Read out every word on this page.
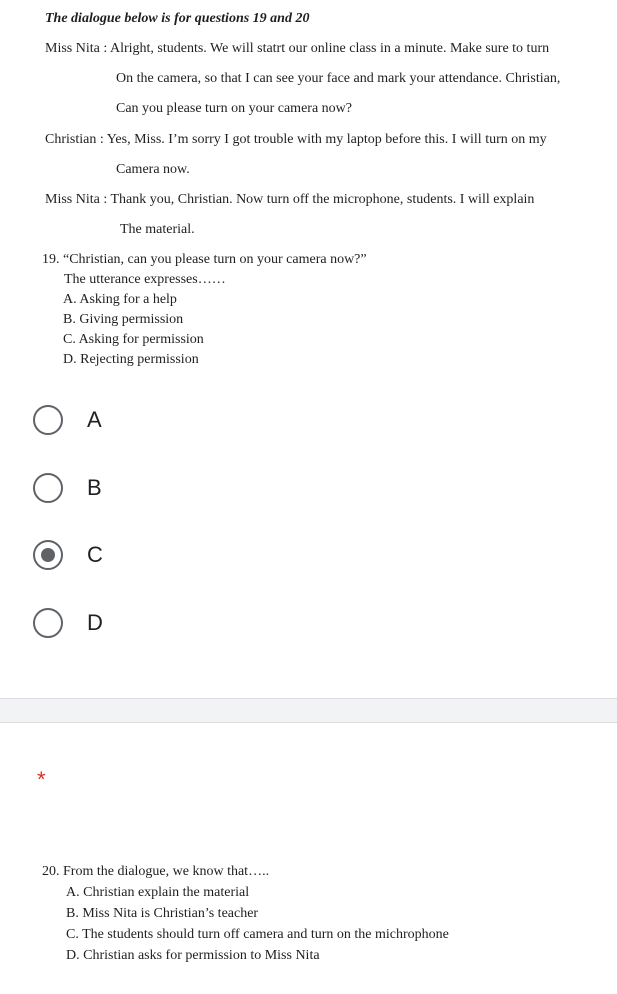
The dialogue below is for questions 19 and 20
Miss Nita : Alright, students. We will statrt our online class in a minute. Make sure to turn
On the camera, so that I can see your face and mark your attendance. Christian,
Can you please turn on your camera now?
Christian : Yes, Miss. I’m sorry I got trouble with my laptop before this. I will turn on my
Camera now.
Miss Nita : Thank you, Christian. Now turn off the microphone, students. I will explain
The material.
19. “Christian, can you please turn on your camera now?”
The utterance expresses……
A. Asking for a help
B. Giving permission
C. Asking for permission
D. Rejecting permission
A
B
C
D
*
20. From the dialogue, we know that…..
A. Christian explain the material
B. Miss Nita is Christian’s teacher
C. The students should turn off camera and turn on the michrophone
D. Christian asks for permission to Miss Nita
